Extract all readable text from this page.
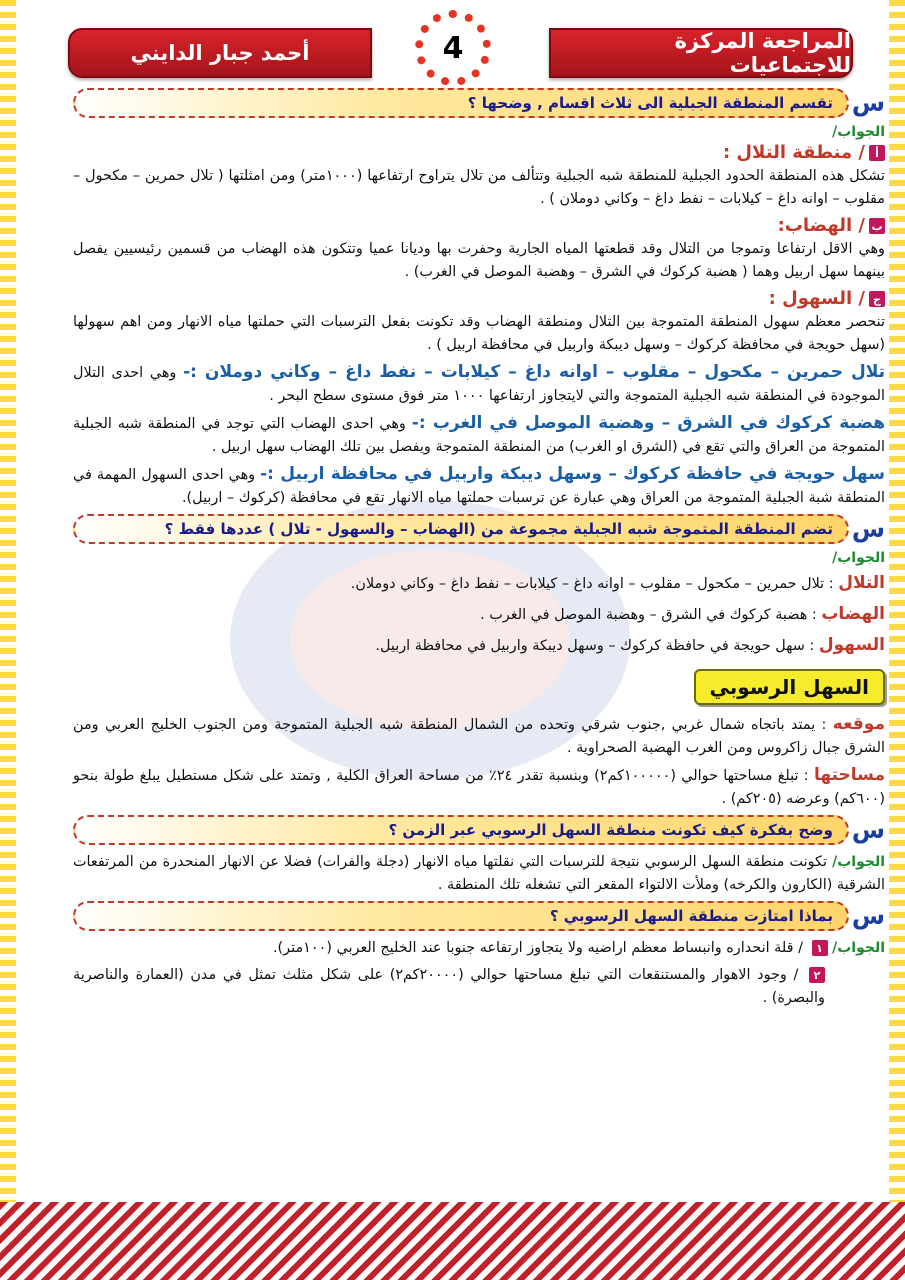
المراجعة المركزة للاجتماعيات
4
أحمد جبار الدايني
س
تقسم المنطقة الجبلية الى ثلاث اقسام , وضحها ؟
الجواب/
أ/ منطقة التلال :

تشكل هذه المنطقة الحدود الجبلية للمنطقة شبه الجبلية وتتألف من تلال يتراوح ارتفاعها (١٠٠٠متر) ومن امثلتها ( تلال حمرين – مكحول – مقلوب – اوانه داغ – كيلابات – نفط داغ – وكاني دوملان ) .

ب/ الهضاب:

وهي الاقل ارتفاعا وتموجا من التلال وقد قطعتها المياه الجارية وحفرت بها وديانا عميا وتتكون هذه الهضاب من قسمين رئيسيين يفصل بينهما سهل اربيل وهما ( هضبة كركوك في الشرق – وهضبة الموصل في الغرب) .

ج/ السهول :

تنحصر معظم سهول المنطقة المتموجة بين التلال ومنطقة الهضاب وقد تكونت بفعل الترسبات التي حملتها مياه الانهار ومن اهم سهولها (سهل حويجة في محافظة كركوك – وسهل ديبكة واربيل في محافظة اربيل ) .

تلال حمرين – مكحول – مقلوب – اوانه داغ – كيلابات – نفط داغ – وكاني دوملان :- وهي احدى التلال الموجودة في المنطقة شبه الجبلية المتموجة والتي لايتجاوز ارتفاعها ١٠٠٠ متر فوق مستوى سطح البحر .

هضبة كركوك في الشرق – وهضبة الموصل في الغرب :- وهي احدى الهضاب التي توجد في المنطقة شبه الجبلية المتموجة من العراق والتي تقع في (الشرق او الغرب) من المنطقة المتموجة ويفصل بين تلك الهضاب سهل اربيل .

سهل حويجة في حافظة كركوك – وسهل ديبكة واربيل في محافظة اربيل :- وهي احدى السهول المهمة في المنطقة شبة الجبلية المتموجة من العراق وهي عبارة عن ترسبات حملتها مياه الانهار تقع في محافظة (كركوك – اربيل).

س
تضم المنطقة المتموجة شبه الجبلية مجموعة من (الهضاب – والسهول - تلال ) عددها فقط ؟
الجواب/
التلال : تلال حمرين – مكحول – مقلوب – اوانه داغ – كيلابات – نفط داغ – وكاني دوملان.
الهضاب : هضبة كركوك في الشرق – وهضبة الموصل في الغرب .
السهول : سهل حويجة في حافظة كركوك – وسهل ديبكة واربيل في محافظة اربيل.
السهل الرسوبي

موقعه : يمتد باتجاه شمال غربي ,جنوب شرقي وتحده من الشمال المنطقة شبه الجبلية المتموجة ومن الجنوب الخليج العربي ومن الشرق جبال زاكروس ومن الغرب الهضبة الصحراوية .

مساحتها : تبلغ مساحتها حوالي (١٠٠٠٠٠كم٢) وبنسبة تقدر ٢٤٪ من مساحة العراق الكلية , وتمتد على شكل مستطيل يبلغ طولة بنحو (٦٠٠كم) وعرضه (٢٠٥كم) .

س
وضح بفكرة كيف تكونت منطقة السهل الرسوبي عبر الزمن ؟

الجواب/ تكونت منطقة السهل الرسوبي نتيجة للترسبات التي نقلتها مياه الانهار (دجلة والفرات) فضلا عن الانهار المنحدرة من المرتفعات الشرقية (الكارون والكرخه) وملأت الالتواء المقعر التي تشغله تلك المنطقة .

س
بماذا امتازت منطقة السهل الرسوبي ؟

الجواب/ ١ / قلة انحداره وانبساط معظم اراضيه ولا يتجاوز ارتفاعه جنوبا عند الخليج العربي (١٠٠متر).

٢ / وجود الاهوار والمستنقعات التي تبلغ مساحتها حوالي (٢٠٠٠٠كم٢) على شكل مثلث تمثل في مدن (العمارة والناصرية والبصرة) .
